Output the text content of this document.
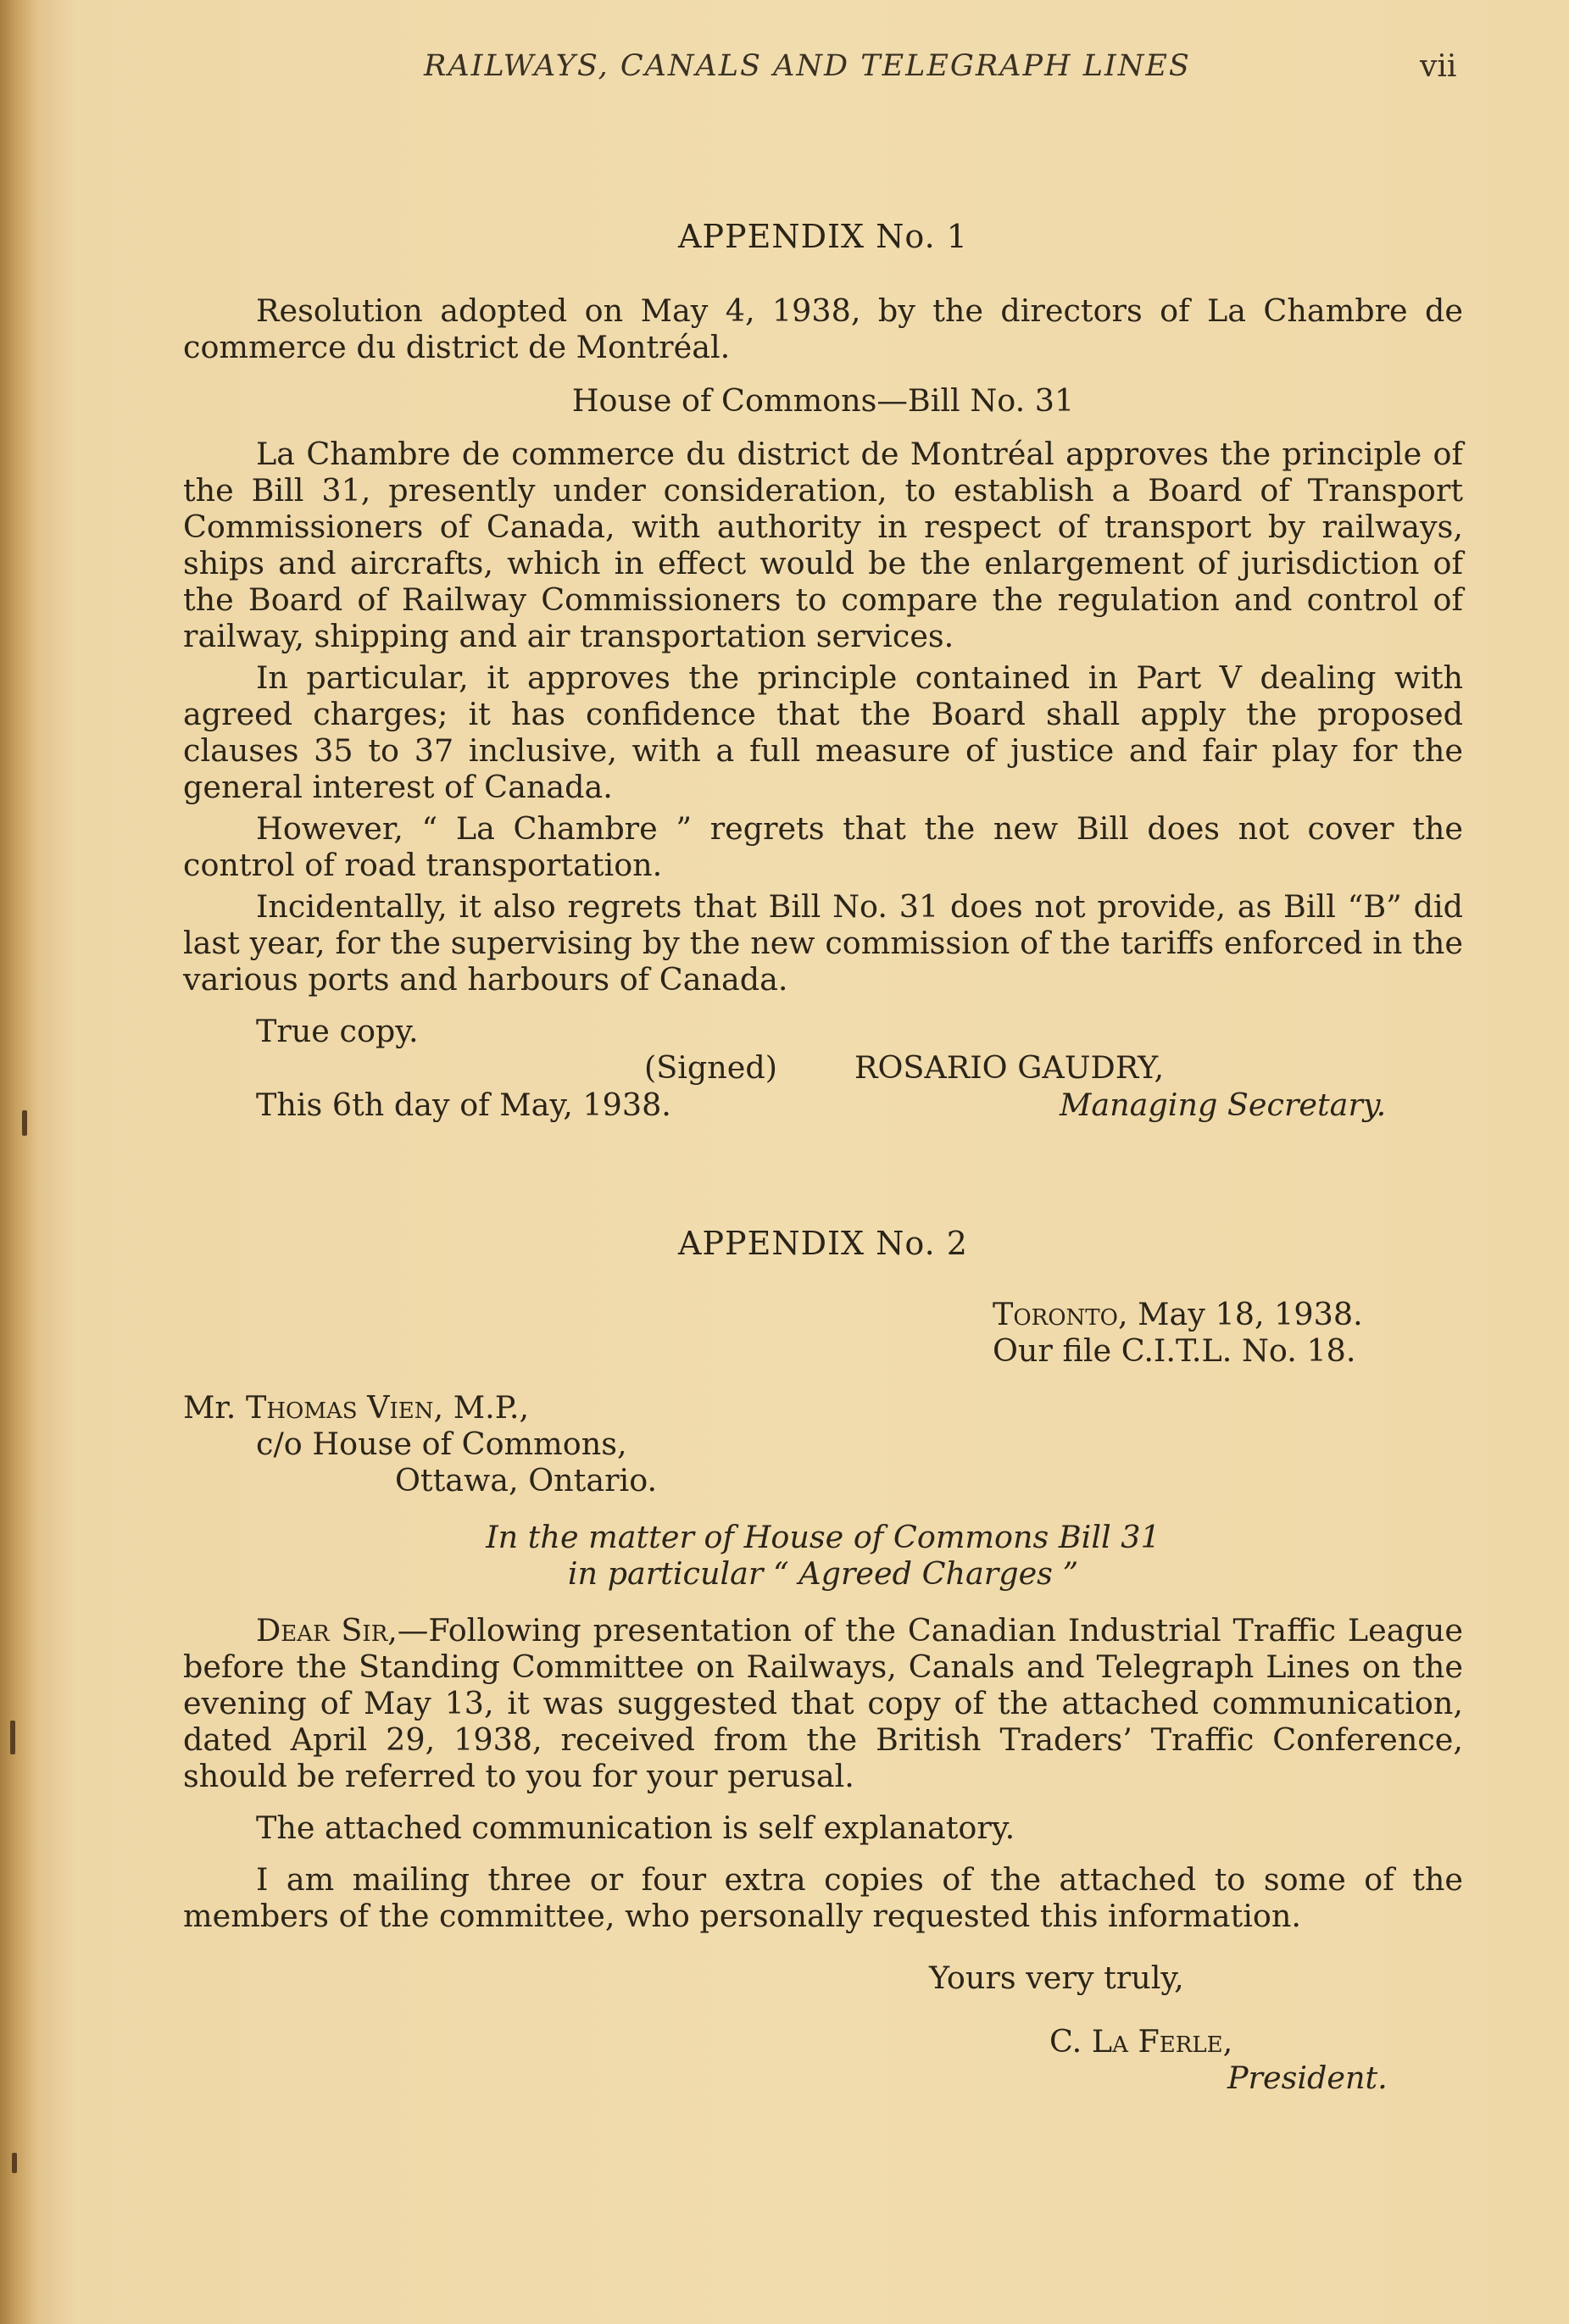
RAILWAYS, CANALS AND TELEGRAPH LINES	vii

APPENDIX No. 1

Resolution adopted on May 4, 1938, by the directors of La Chambre de commerce du district de Montréal.

House of Commons—Bill No. 31

La Chambre de commerce du district de Montréal approves the principle of the Bill 31, presently under consideration, to establish a Board of Transport Commissioners of Canada, with authority in respect of transport by railways, ships and aircrafts, which in effect would be the enlargement of jurisdiction of the Board of Railway Commissioners to compare the regulation and control of railway, shipping and air transportation services.

In particular, it approves the principle contained in Part V dealing with agreed charges; it has confidence that the Board shall apply the proposed clauses 35 to 37 inclusive, with a full measure of justice and fair play for the general interest of Canada.

However, “ La Chambre ” regrets that the new Bill does not cover the control of road transportation.

Incidentally, it also regrets that Bill No. 31 does not provide, as Bill “B” did last year, for the supervising by the new commission of the tariffs enforced in the various ports and harbours of Canada.

True copy.

(Signed) ROSARIO GAUDRY,
This 6th day of May, 1938.	Managing Secretary.

APPENDIX No. 2

Toronto, May 18, 1938.

Our file C.I.T.L. No. 18.

Mr. Thomas Vien, M.P.,

c/o House of Commons,

Ottawa, Ontario.

In the matter of House of Commons Bill 31

in particular “ Agreed Charges ”

Dear Sir,—Following presentation of the Canadian Industrial Traffic League before the Standing Committee on Railways, Canals and Telegraph Lines on the evening of May 13, it was suggested that copy of the attached communication, dated April 29, 1938, received from the British Traders’ Traffic Conference, should be referred to you for your perusal.

The attached communication is self explanatory.

I am mailing three or four extra copies of the attached to some of the members of the committee, who personally requested this information.

Yours very truly,

C. La Ferle,

President.
